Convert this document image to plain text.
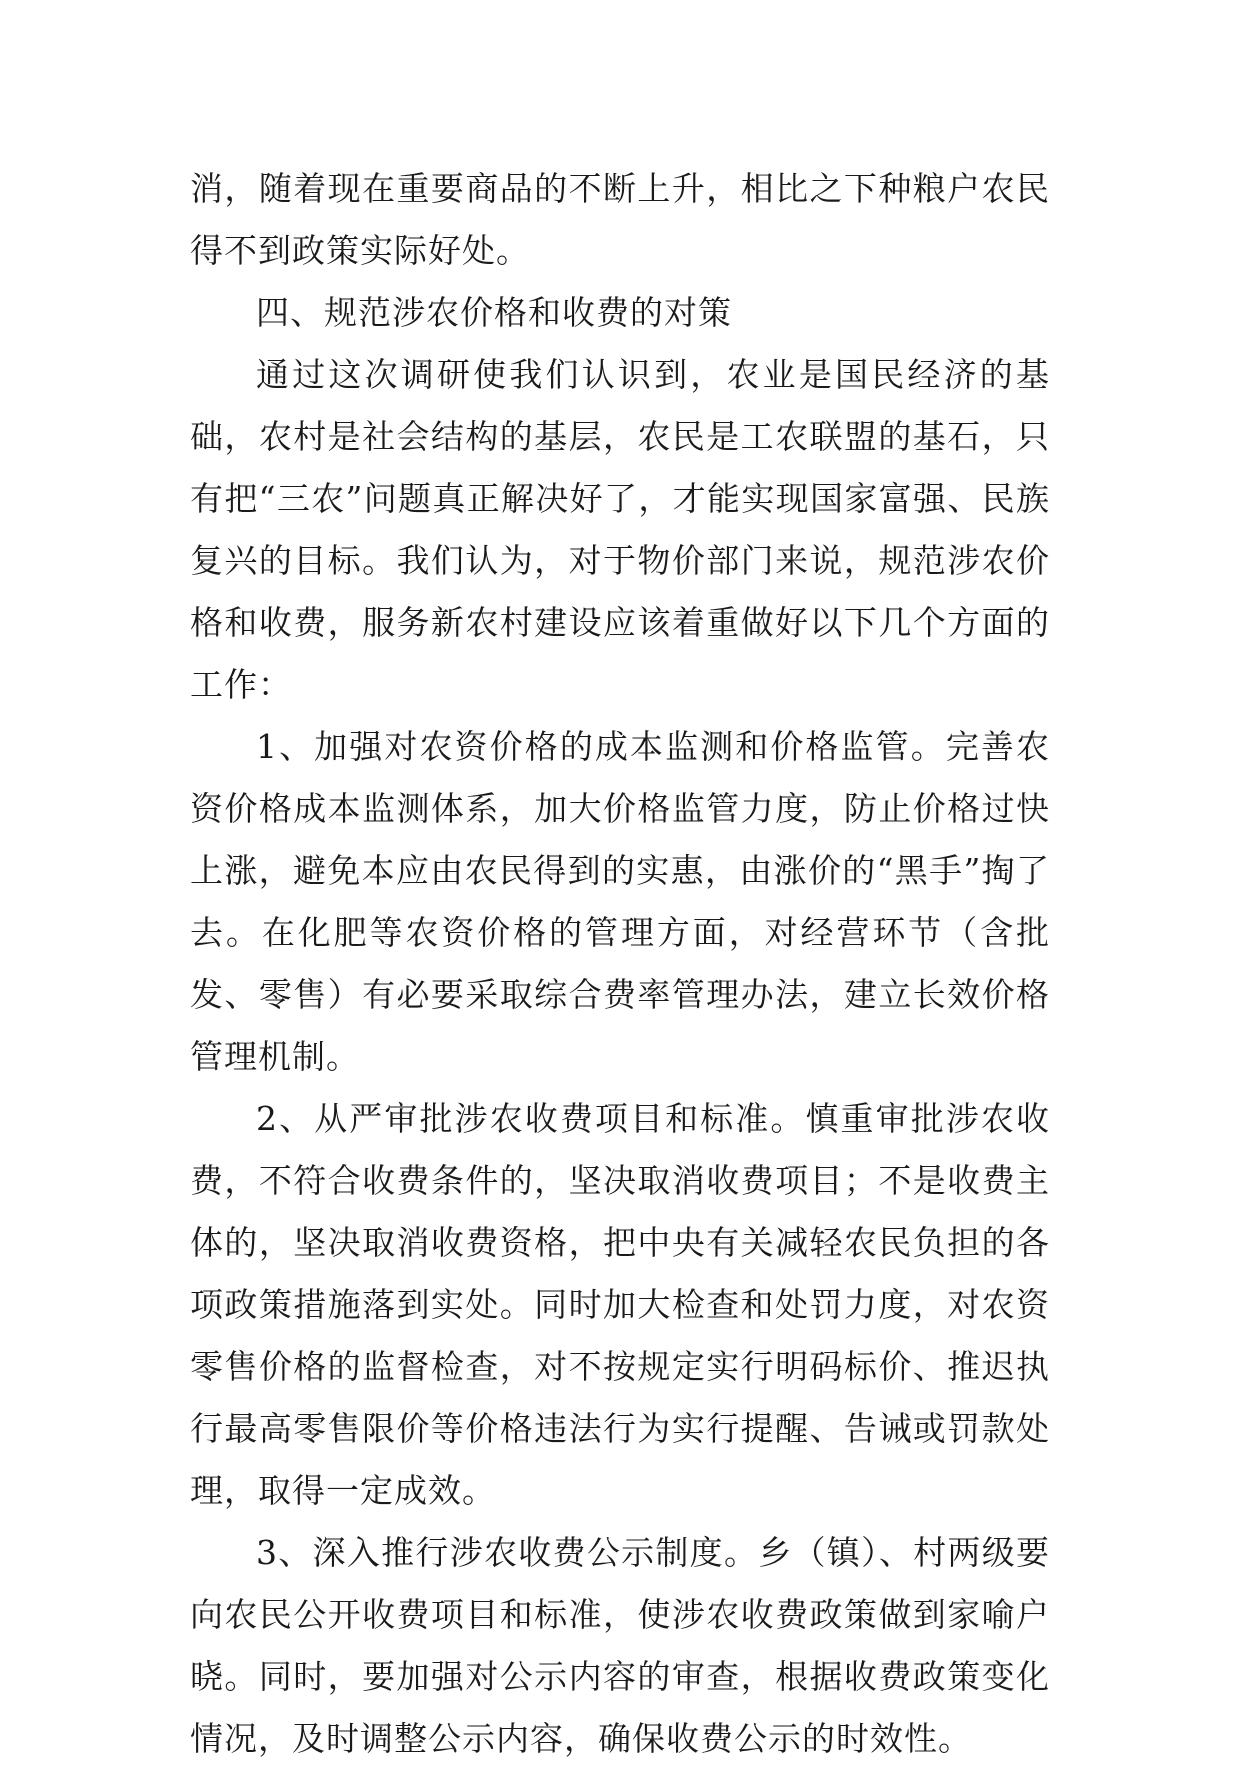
消，随着现在重要商品的不断上升，相比之下种粮户农民得不到政策实际好处。

四、规范涉农价格和收费的对策

通过这次调研使我们认识到，农业是国民经济的基础，农村是社会结构的基层，农民是工农联盟的基石，只有把“三农”问题真正解决好了，才能实现国家富强、民族复兴的目标。我们认为，对于物价部门来说，规范涉农价格和收费，服务新农村建设应该着重做好以下几个方面的工作：

1、加强对农资价格的成本监测和价格监管。完善农资价格成本监测体系，加大价格监管力度，防止价格过快上涨，避免本应由农民得到的实惠，由涨价的“黑手”掏了去。在化肥等农资价格的管理方面，对经营环节（含批发、零售）有必要采取综合费率管理办法，建立长效价格管理机制。

2、从严审批涉农收费项目和标准。慎重审批涉农收费，不符合收费条件的，坚决取消收费项目；不是收费主体的，坚决取消收费资格，把中央有关减轻农民负担的各项政策措施落到实处。同时加大检查和处罚力度，对农资零售价格的监督检查，对不按规定实行明码标价、推迟执行最高零售限价等价格违法行为实行提醒、告诫或罚款处理，取得一定成效。

3、深入推行涉农收费公示制度。乡（镇）、村两级要向农民公开收费项目和标准，使涉农收费政策做到家喻户晓。同时，要加强对公示内容的审查，根据收费政策变化情况，及时调整公示内容，确保收费公示的时效性。
